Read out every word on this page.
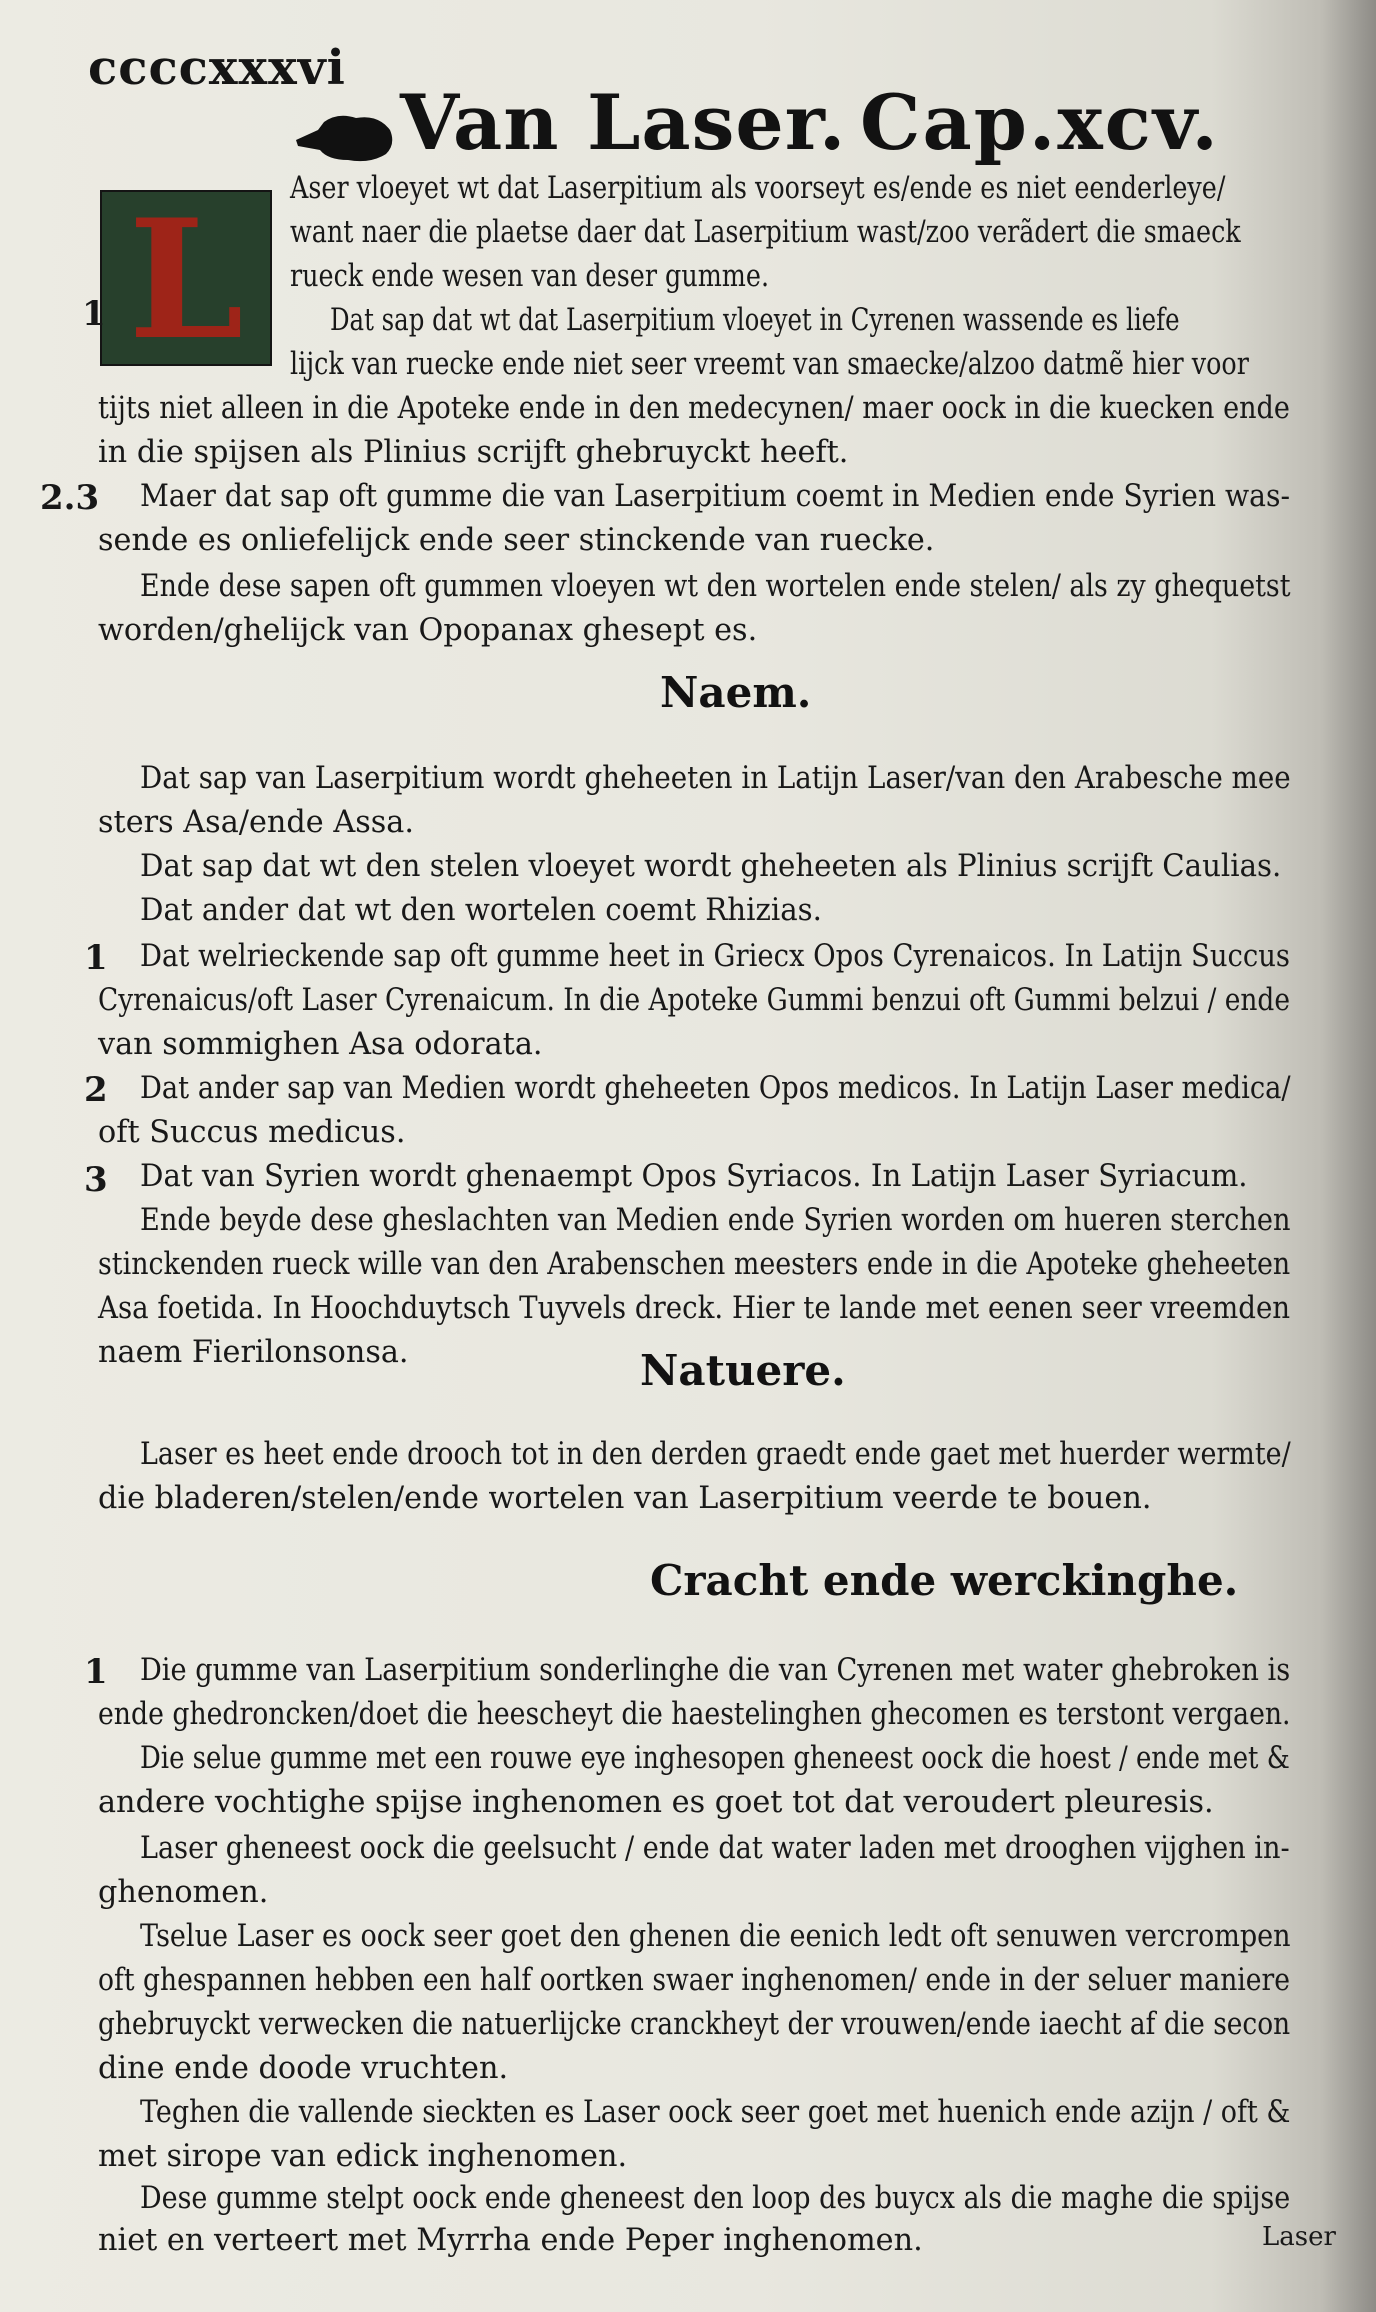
ccccxxxvi
Van Laser. Cap.xcv.
L	Aser vloeyet wt dat Laserpitium als voorseyt es/ende es niet eenderleye/
want naer die plaetse daer dat Laserpitium wast/zoo verãdert die smaeck
rueck ende wesen van deser gumme.
Dat sap dat wt dat Laserpitium vloeyet in Cyrenen wassende es liefe
lijck van ruecke ende niet seer vreemt van smaecke/alzoo datmẽ hier voor
tijts niet alleen in die Apoteke ende in den medecynen/ maer oock in die kuecken ende
in die spijsen als Plinius scrijft ghebruyckt heeft.
Maer dat sap oft gumme die van Laserpitium coemt in Medien ende Syrien was-
sende es onliefelijck ende seer stinckende van ruecke.
Ende dese sapen oft gummen vloeyen wt den wortelen ende stelen/ als zy ghequetst
worden/ghelijck van Opopanax ghesept es.
Naem.
Dat sap van Laserpitium wordt gheheeten in Latijn Laser/van den Arabesche mee
sters Asa/ende Assa.
Dat sap dat wt den stelen vloeyet wordt gheheeten als Plinius scrijft Caulias.
Dat ander dat wt den wortelen coemt Rhizias.
Dat welrieckende sap oft gumme heet in Griecx Opos Cyrenaicos. In Latijn Succus
Cyrenaicus/oft Laser Cyrenaicum. In die Apoteke Gummi benzui oft Gummi belzui / ende
van sommighen Asa odorata.
Dat ander sap van Medien wordt gheheeten Opos medicos. In Latijn Laser medica/
oft Succus medicus.
Dat van Syrien wordt ghenaempt Opos Syriacos. In Latijn Laser Syriacum.
Ende beyde dese gheslachten van Medien ende Syrien worden om hueren sterchen
stinckenden rueck wille van den Arabenschen meesters ende in die Apoteke gheheeten
Asa foetida. In Hoochduytsch Tuyvels dreck. Hier te lande met eenen seer vreemden
naem Fierilonsonsa.	Natuere.
Laser es heet ende drooch tot in den derden graedt ende gaet met huerder wermte/
die bladeren/stelen/ende wortelen van Laserpitium veerde te bouen.
Cracht ende werckinghe.
Die gumme van Laserpitium sonderlinghe die van Cyrenen met water ghebroken is
ende ghedroncken/doet die heescheyt die haestelinghen ghecomen es terstont vergaen.
Die selue gumme met een rouwe eye inghesopen gheneest oock die hoest / ende met &
andere vochtighe spijse inghenomen es goet tot dat veroudert pleuresis.
Laser gheneest oock die geelsucht / ende dat water laden met drooghen vijghen in-
ghenomen.
Tselue Laser es oock seer goet den ghenen die eenich ledt oft senuwen vercrompen
oft ghespannen hebben een half oortken swaer inghenomen/ ende in der seluer maniere
ghebruyckt verwecken die natuerlijcke cranckheyt der vrouwen/ende iaecht af die secon
dine ende doode vruchten.
Teghen die vallende sieckten es Laser oock seer goet met huenich ende azijn / oft &
met sirope van edick inghenomen.
Dese gumme stelpt oock ende gheneest den loop des buycx als die maghe die spijse
niet en verteert met Myrrha ende Peper inghenomen.
1
2.3
1
2
3
1
Laser
